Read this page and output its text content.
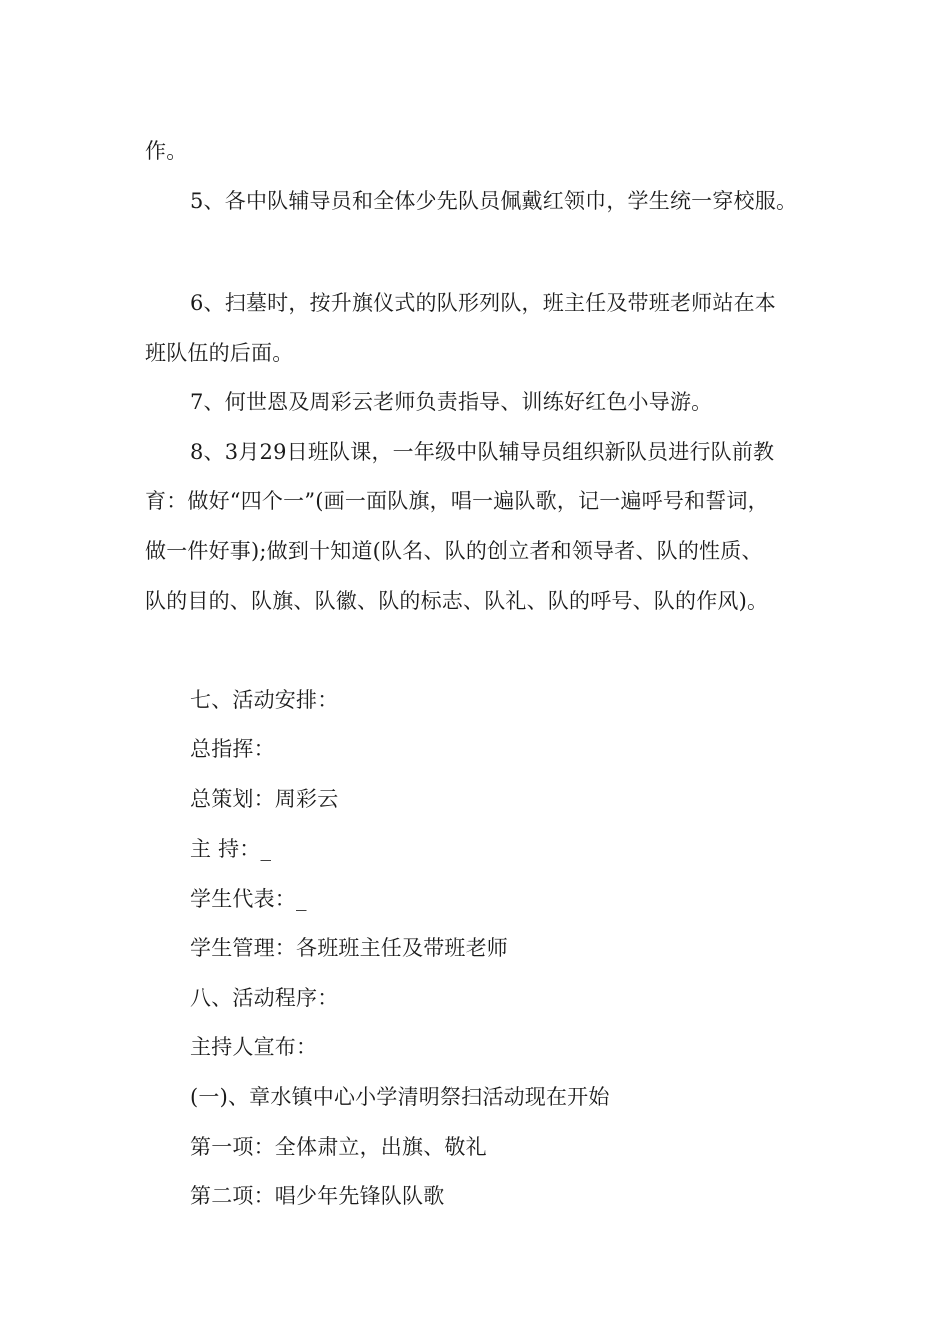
作。
5、各中队辅导员和全体少先队员佩戴红领巾，学生统一穿校服。
6、扫墓时，按升旗仪式的队形列队，班主任及带班老师站在本
班队伍的后面。
7、何世恩及周彩云老师负责指导、训练好红色小导游。
8、3月29日班队课，一年级中队辅导员组织新队员进行队前教
育：做好“四个一”(画一面队旗，唱一遍队歌，记一遍呼号和誓词，
做一件好事);做到十知道(队名、队的创立者和领导者、队的性质、
队的目的、队旗、队徽、队的标志、队礼、队的呼号、队的作风)。
七、活动安排：
总指挥：
总策划：周彩云
主 持：_
学生代表：_
学生管理：各班班主任及带班老师
八、活动程序：
主持人宣布：
(一)、章水镇中心小学清明祭扫活动现在开始
第一项：全体肃立，出旗、敬礼
第二项：唱少年先锋队队歌
